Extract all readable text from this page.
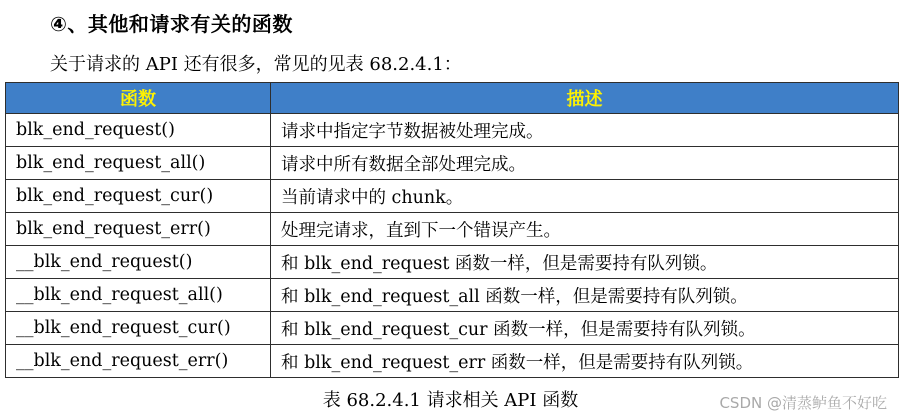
④、其他和请求有关的函数
关于请求的 API 还有很多，常见的见表 68.2.4.1：
函数	描述
blk_end_request()	请求中指定字节数据被处理完成。
blk_end_request_all()	请求中所有数据全部处理完成。
blk_end_request_cur()	当前请求中的 chunk。
blk_end_request_err()	处理完请求，直到下一个错误产生。
__blk_end_request()	和 blk_end_request 函数一样，但是需要持有队列锁。
__blk_end_request_all()	和 blk_end_request_all 函数一样，但是需要持有队列锁。
__blk_end_request_cur()	和 blk_end_request_cur 函数一样，但是需要持有队列锁。
__blk_end_request_err()	和 blk_end_request_err 函数一样，但是需要持有队列锁。
表 68.2.4.1 请求相关 API 函数	CSDN @清蒸鲈鱼不好吃
